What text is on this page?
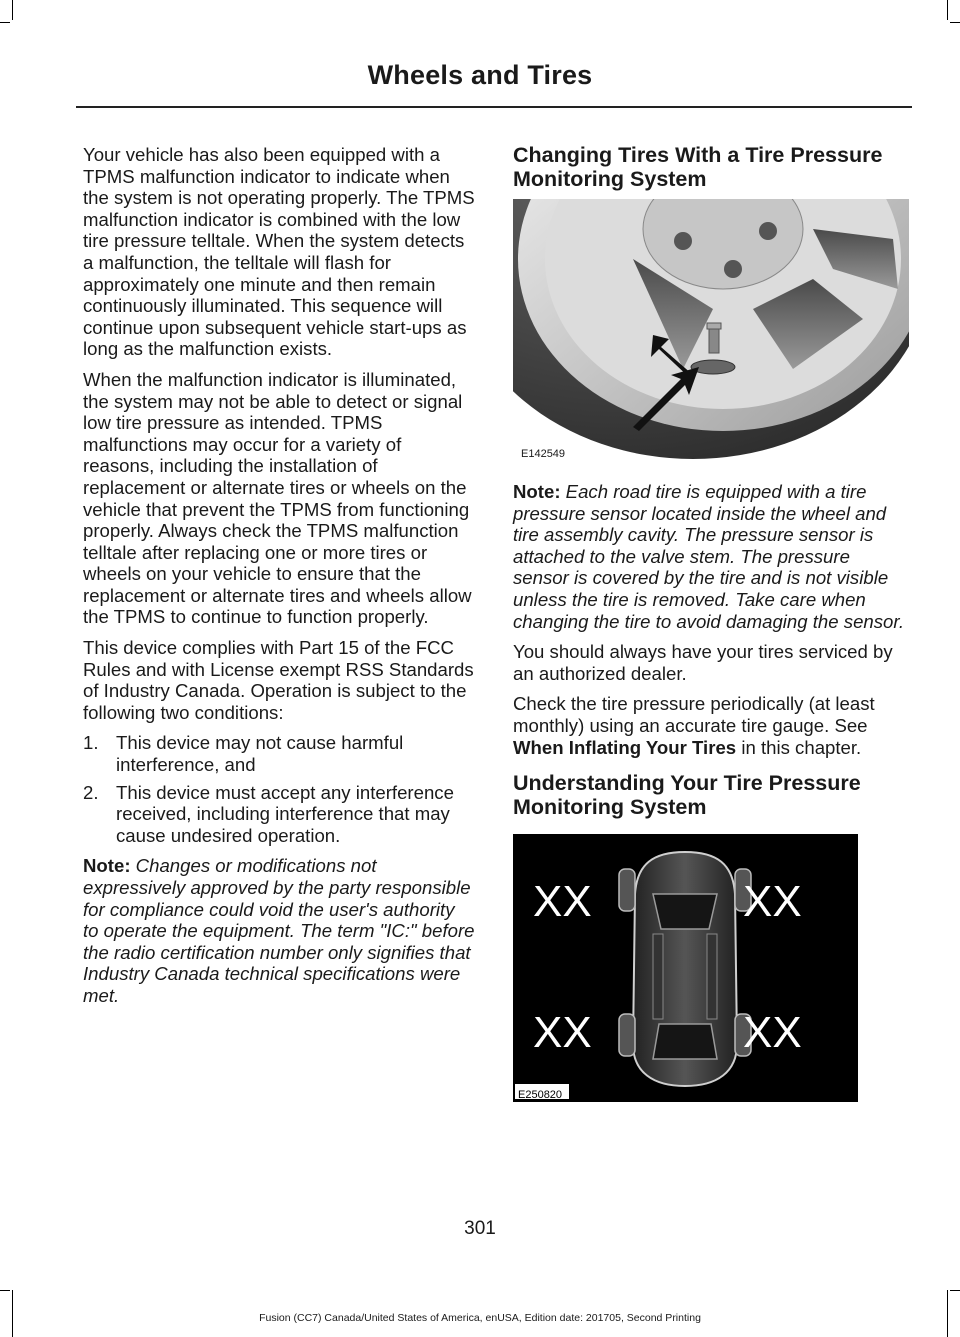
Wheels and Tires

Your vehicle has also been equipped with a TPMS malfunction indicator to indicate when the system is not operating properly. The TPMS malfunction indicator is combined with the low tire pressure telltale. When the system detects a malfunction, the telltale will flash for approximately one minute and then remain continuously illuminated. This sequence will continue upon subsequent vehicle start-ups as long as the malfunction exists.

When the malfunction indicator is illuminated, the system may not be able to detect or signal low tire pressure as intended. TPMS malfunctions may occur for a variety of reasons, including the installation of replacement or alternate tires or wheels on the vehicle that prevent the TPMS from functioning properly. Always check the TPMS malfunction telltale after replacing one or more tires or wheels on your vehicle to ensure that the replacement or alternate tires and wheels allow the TPMS to continue to function properly.

This device complies with Part 15 of the FCC Rules and with License exempt RSS Standards of Industry Canada. Operation is subject to the following two conditions:

1. This device may not cause harmful interference, and
2. This device must accept any interference received, including interference that may cause undesired operation.

Note: Changes or modifications not expressively approved by the party responsible for compliance could void the user's authority to operate the equipment. The term "IC:" before the radio certification number only signifies that Industry Canada technical specifications were met.

Changing Tires With a Tire Pressure Monitoring System
E142549

Note: Each road tire is equipped with a tire pressure sensor located inside the wheel and tire assembly cavity. The pressure sensor is attached to the valve stem. The pressure sensor is covered by the tire and is not visible unless the tire is removed. Take care when changing the tire to avoid damaging the sensor.

You should always have your tires serviced by an authorized dealer.

Check the tire pressure periodically (at least monthly) using an accurate tire gauge. See When Inflating Your Tires in this chapter.

Understanding Your Tire Pressure Monitoring System
XX	XX
XX	XX
E250820
301
Fusion (CC7) Canada/United States of America, enUSA, Edition date: 201705, Second Printing
